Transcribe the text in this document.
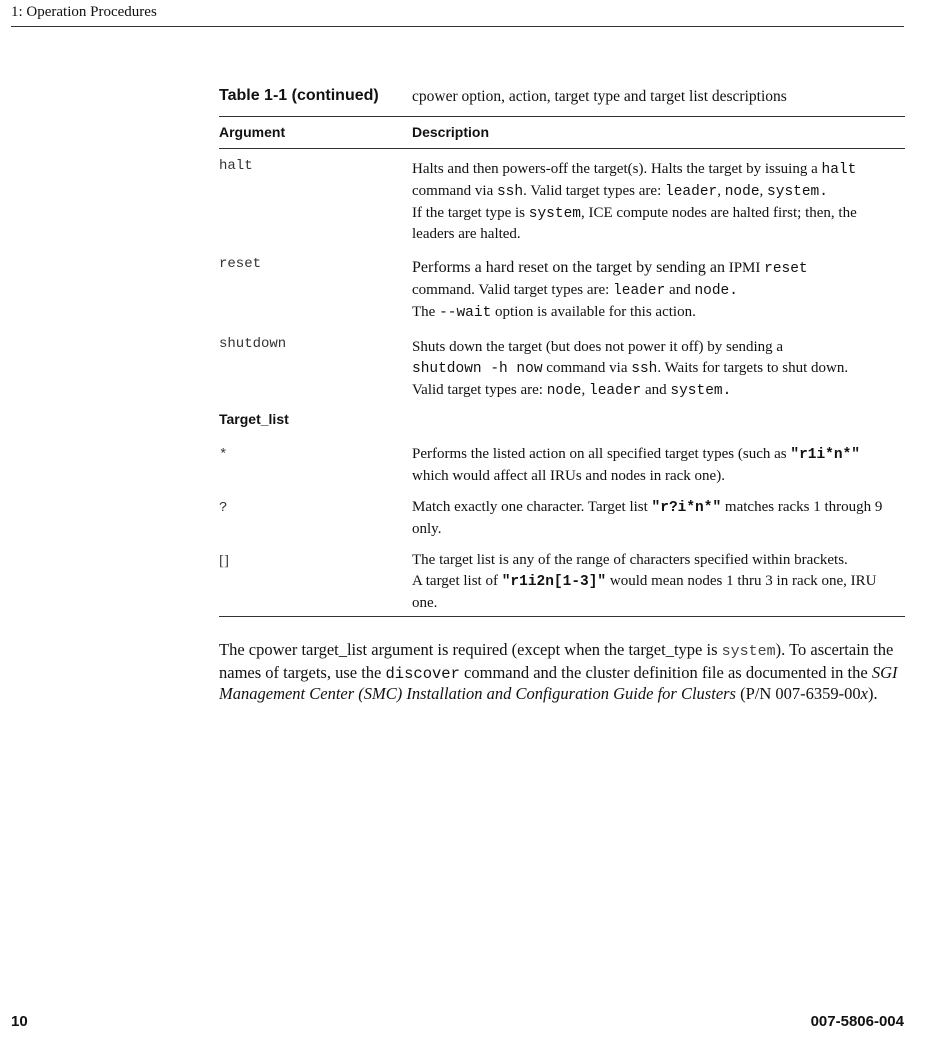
1: Operation Procedures
Table 1-1 (continued) cpower option, action, target type and target list descriptions
Argument	Description
halt	Halts and then powers-off the target(s). Halts the target by issuing a halt command via ssh. Valid target types are: leader, node, system.

If the target type is system, ICE compute nodes are halted first; then, the leaders are halted.

reset	Performs a hard reset on the target by sending an IPMI reset

command. Valid target types are: leader and node.

The --wait option is available for this action.

shutdown	Shuts down the target (but does not power it off) by sending a

shutdown -h now command via ssh. Waits for targets to shut down.

Valid target types are: node, leader and system.

Target_list
*	Performs the listed action on all specified target types (such as "r1i*n*"

which would affect all IRUs and nodes in rack one).

?	Match exactly one character. Target list "r?i*n*" matches racks 1 through 9 only.

[]	The target list is any of the range of characters specified within brackets.

A target list of "r1i2n[1-3]" would mean nodes 1 thru 3 in rack one, IRU one.

The cpower target_list argument is required (except when the target_type is system). To ascertain the names of targets, use the discover command and the cluster definition file as documented in the SGI Management Center (SMC) Installation and Configuration Guide for Clusters (P/N 007-6359-00x).
10	007-5806-004
